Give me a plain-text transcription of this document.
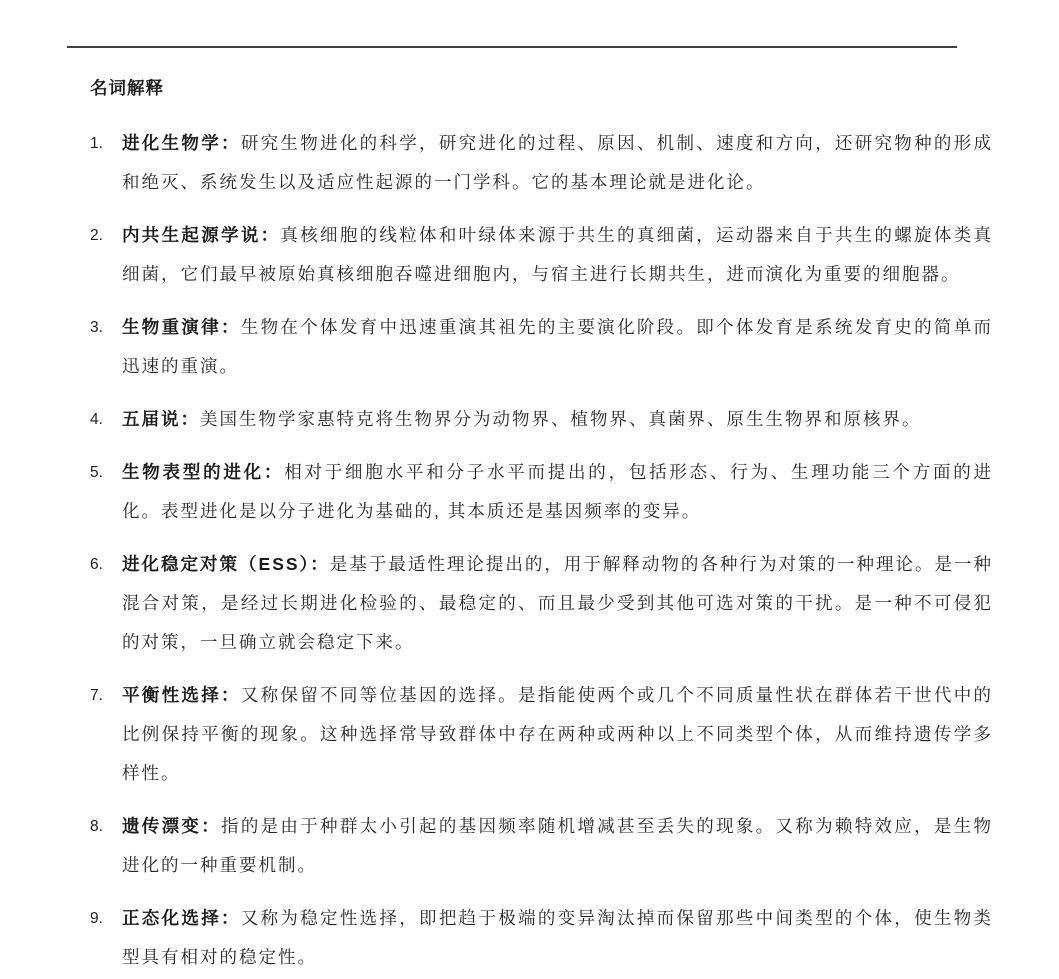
名词解释
1.	进化生物学：研究生物进化的科学，研究进化的过程、原因、机制、速度和方向，还研究物种的形成和绝灭、系统发生以及适应性起源的一门学科。它的基本理论就是进化论。
2.	内共生起源学说：真核细胞的线粒体和叶绿体来源于共生的真细菌，运动器来自于共生的螺旋体类真细菌，它们最早被原始真核细胞吞噬进细胞内，与宿主进行长期共生，进而演化为重要的细胞器。
3.	生物重演律：生物在个体发育中迅速重演其祖先的主要演化阶段。即个体发育是系统发育史的简单而迅速的重演。
4.	五届说：美国生物学家惠特克将生物界分为动物界、植物界、真菌界、原生生物界和原核界。
5.	生物表型的进化：相对于细胞水平和分子水平而提出的，包括形态、行为、生理功能三个方面的进化。表型进化是以分子进化为基础的, 其本质还是基因频率的变异。
6.	进化稳定对策（ESS）：是基于最适性理论提出的，用于解释动物的各种行为对策的一种理论。是一种混合对策，是经过长期进化检验的、最稳定的、而且最少受到其他可选对策的干扰。是一种不可侵犯的对策，一旦确立就会稳定下来。
7.	平衡性选择：又称保留不同等位基因的选择。是指能使两个或几个不同质量性状在群体若干世代中的比例保持平衡的现象。这种选择常导致群体中存在两种或两种以上不同类型个体，从而维持遗传学多样性。
8.	遗传漂变：指的是由于种群太小引起的基因频率随机增减甚至丢失的现象。又称为赖特效应，是生物进化的一种重要机制。
9.	正态化选择：又称为稳定性选择，即把趋于极端的变异淘汰掉而保留那些中间类型的个体，使生物类型具有相对的稳定性。
